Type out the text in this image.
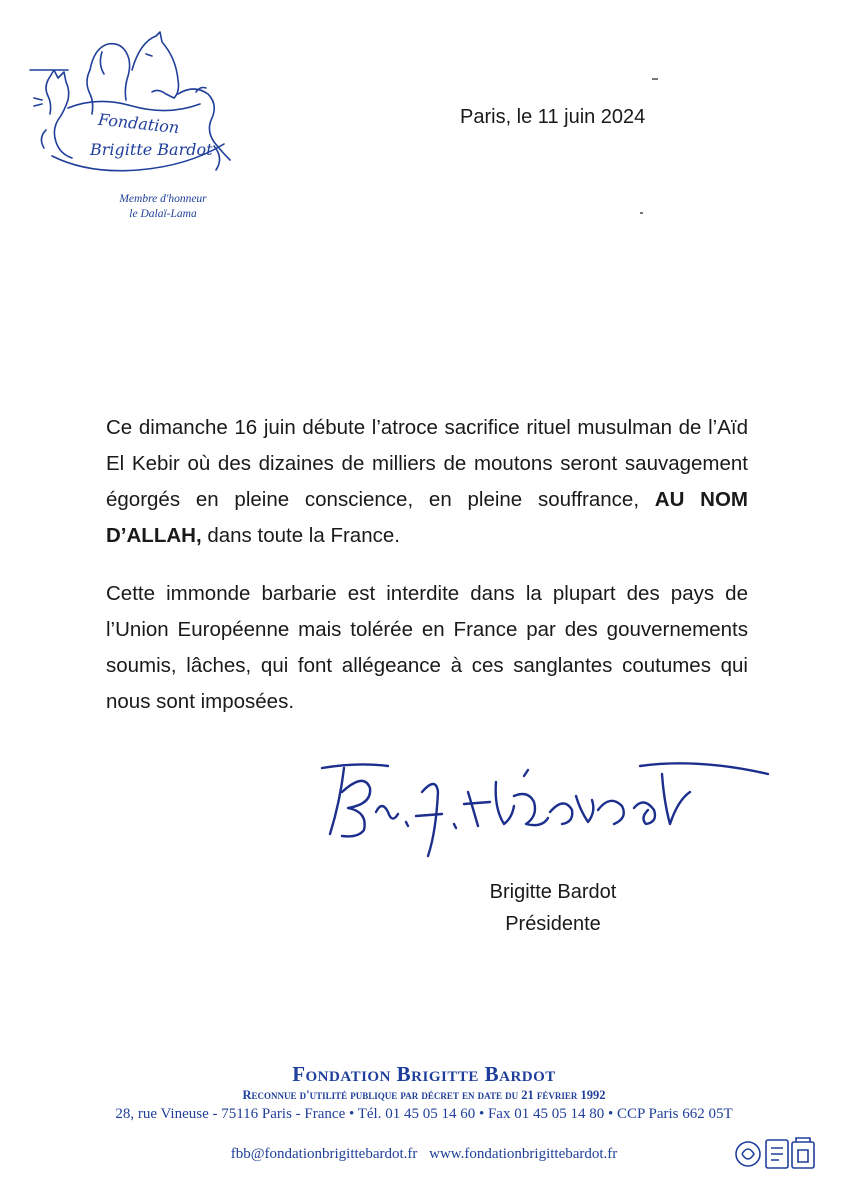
Fondation
Brigitte Bardot
Membre d'honneur
le Dalaï-Lama
Paris, le 11 juin 2024

Ce dimanche 16 juin débute l’atroce sacrifice rituel musulman de l’Aïd El Kebir où des dizaines de milliers de moutons seront sauvagement égorgés en pleine conscience, en pleine souffrance, AU NOM D’ALLAH, dans toute la France.

Cette immonde barbarie est interdite dans la plupart des pays de l’Union Européenne mais tolérée en France par des gouvernements soumis, lâches, qui font allégeance à ces sanglantes coutumes qui nous sont imposées.

Brigitte Bardot
Présidente
Fondation Brigitte Bardot
Reconnue d'utilité publique par décret en date du 21 février 1992
28, rue Vineuse - 75116 Paris - France • Tél. 01 45 05 14 60 • Fax 01 45 05 14 80 • CCP Paris 662 05T
fbb@fondationbrigittebardot.fr www.fondationbrigittebardot.fr
